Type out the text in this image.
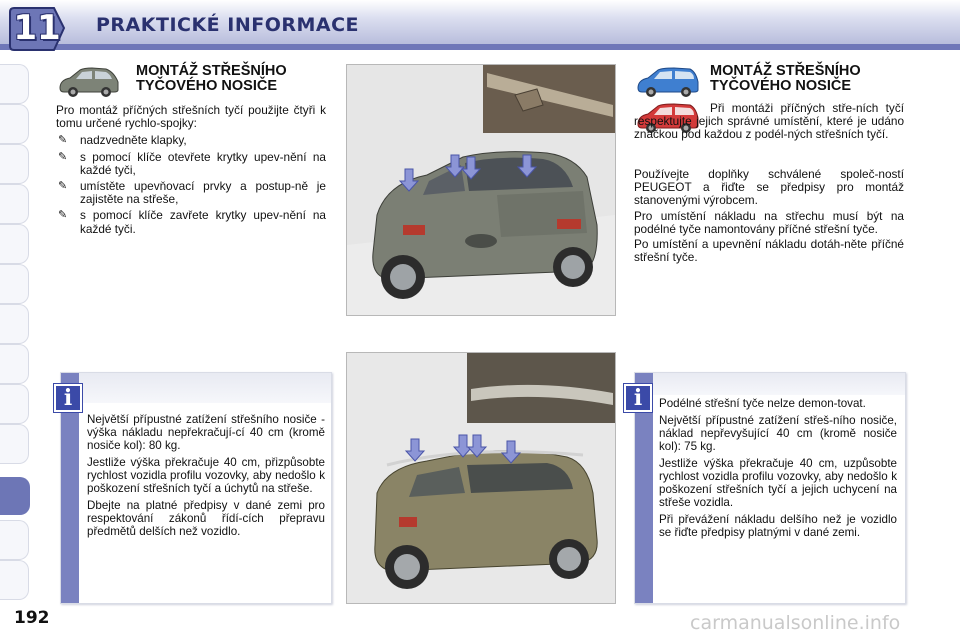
11 PRAKTICKÉ INFORMACE
MONTÁŽ STŘEŠNÍHO
TYČOVÉHO NOSIČE

Pro montáž příčných střešních tyčí použijte čtyři k tomu určené rychlo-spojky:

✎ nadzvedněte klapky,
✎ s pomocí klíče otevřete krytky upev-nění na každé tyči,
✎ umístěte upevňovací prvky a postup-ně je zajistěte na střeše,
✎ s pomocí klíče zavřete krytky upev-nění na každé tyči.
MONTÁŽ STŘEŠNÍHO
TYČOVÉHO NOSIČE

Při montáži příčných stře-ních tyčí respektujte jejich správné umístění, které je udáno značkou pod každou z podél-ných střešních tyčí.

Používejte doplňky schválené společ-ností PEUGEOT a řiďte se předpisy pro montáž stanovenými výrobcem.

Pro umístění nákladu na střechu musí být na podélné tyče namontovány příčné střešní tyče.

Po umístění a upevnění nákladu dotáh-něte příčné střešní tyče.

Největší přípustné zatížení střešního nosiče - výška nákladu nepřekračují-cí 40 cm (kromě nosiče kol): 80 kg.

Jestliže výška překračuje 40 cm, přizpůsobte rychlost vozidla profilu vozovky, aby nedošlo k poškození střešních tyčí a úchytů na střeše.

Dbejte na platné předpisy v dané zemi pro respektování zákonů řídí-cích přepravu předmětů delších než vozidlo.

i	Podélné střešní tyče nelze demon-tovat.

Největší přípustné zatížení střeš-ního nosiče, náklad nepřevyšující 40 cm (kromě nosiče kol): 75 kg.

Jestliže výška překračuje 40 cm, uzpůsobte rychlost vozidla profilu vozovky, aby nedošlo k poškození střešních tyčí a jejich uchycení na střeše vozidla.

Při převážení nákladu delšího než je vozidlo se řiďte předpisy platnými v dané zemi.

i
192	carmanualsonline.info
